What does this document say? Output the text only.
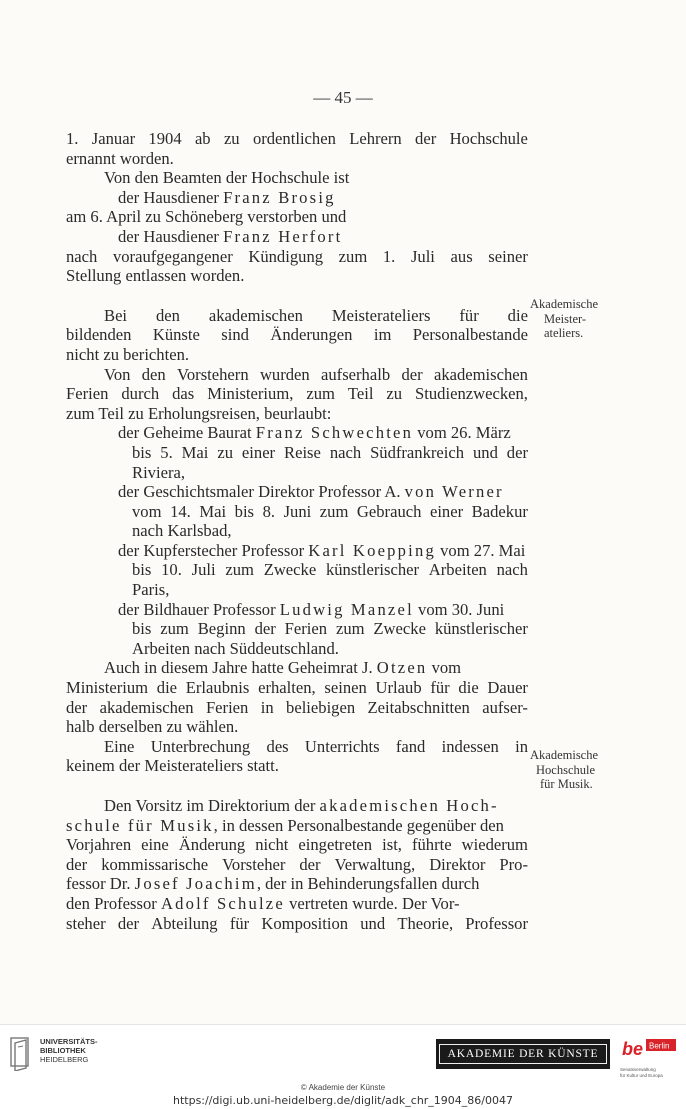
— 45 —
1. Januar 1904 ab zu ordentlichen Lehrern der Hochschule
ernannt worden.
Von den Beamten der Hochschule ist
der Hausdiener Franz Brosig
am 6. April zu Schöneberg verstorben und
der Hausdiener Franz Herfort
nach voraufgegangener Kündigung zum 1. Juli aus seiner
Stellung entlassen worden.
Bei den akademischen Meisterateliers für die
bildenden Künste sind Änderungen im Personalbestande
nicht zu berichten.
Von den Vorstehern wurden aufserhalb der akademischen
Ferien durch das Ministerium, zum Teil zu Studienzwecken,
zum Teil zu Erholungsreisen, beurlaubt:
der Geheime Baurat Franz Schwechten vom 26. März
bis 5. Mai zu einer Reise nach Südfrankreich und der
Riviera,
der Geschichtsmaler Direktor Professor A. von Werner
vom 14. Mai bis 8. Juni zum Gebrauch einer Badekur
nach Karlsbad,
der Kupferstecher Professor Karl Koepping vom 27. Mai
bis 10. Juli zum Zwecke künstlerischer Arbeiten nach
Paris,
der Bildhauer Professor Ludwig Manzel vom 30. Juni
bis zum Beginn der Ferien zum Zwecke künstlerischer
Arbeiten nach Süddeutschland.
Auch in diesem Jahre hatte Geheimrat J. Otzen vom
Ministerium die Erlaubnis erhalten, seinen Urlaub für die Dauer
der akademischen Ferien in beliebigen Zeitabschnitten aufser-
halb derselben zu wählen.
Eine Unterbrechung des Unterrichts fand indessen in
keinem der Meisterateliers statt.
Den Vorsitz im Direktorium der akademischen Hoch-
schule für Musik, in dessen Personalbestande gegenüber den
Vorjahren eine Änderung nicht eingetreten ist, führte wiederum
der kommissarische Vorsteher der Verwaltung, Direktor Pro-
fessor Dr. Josef Joachim, der in Behinderungsfallen durch
den Professor Adolf Schulze vertreten wurde. Der Vor-
steher der Abteilung für Komposition und Theorie, Professor
Akademische
Meister-
ateliers.
Akademische
Hochschule
für Musik.
UNIVERSITÄTS-
BIBLIOTHEK
HEIDELBERG	AKADEMIE DER KÜNSTE	be Berlin
Senatsverwaltung
für Kultur und Europa
© Akademie der Künste
https://digi.ub.uni-heidelberg.de/diglit/adk_chr_1904_86/0047
